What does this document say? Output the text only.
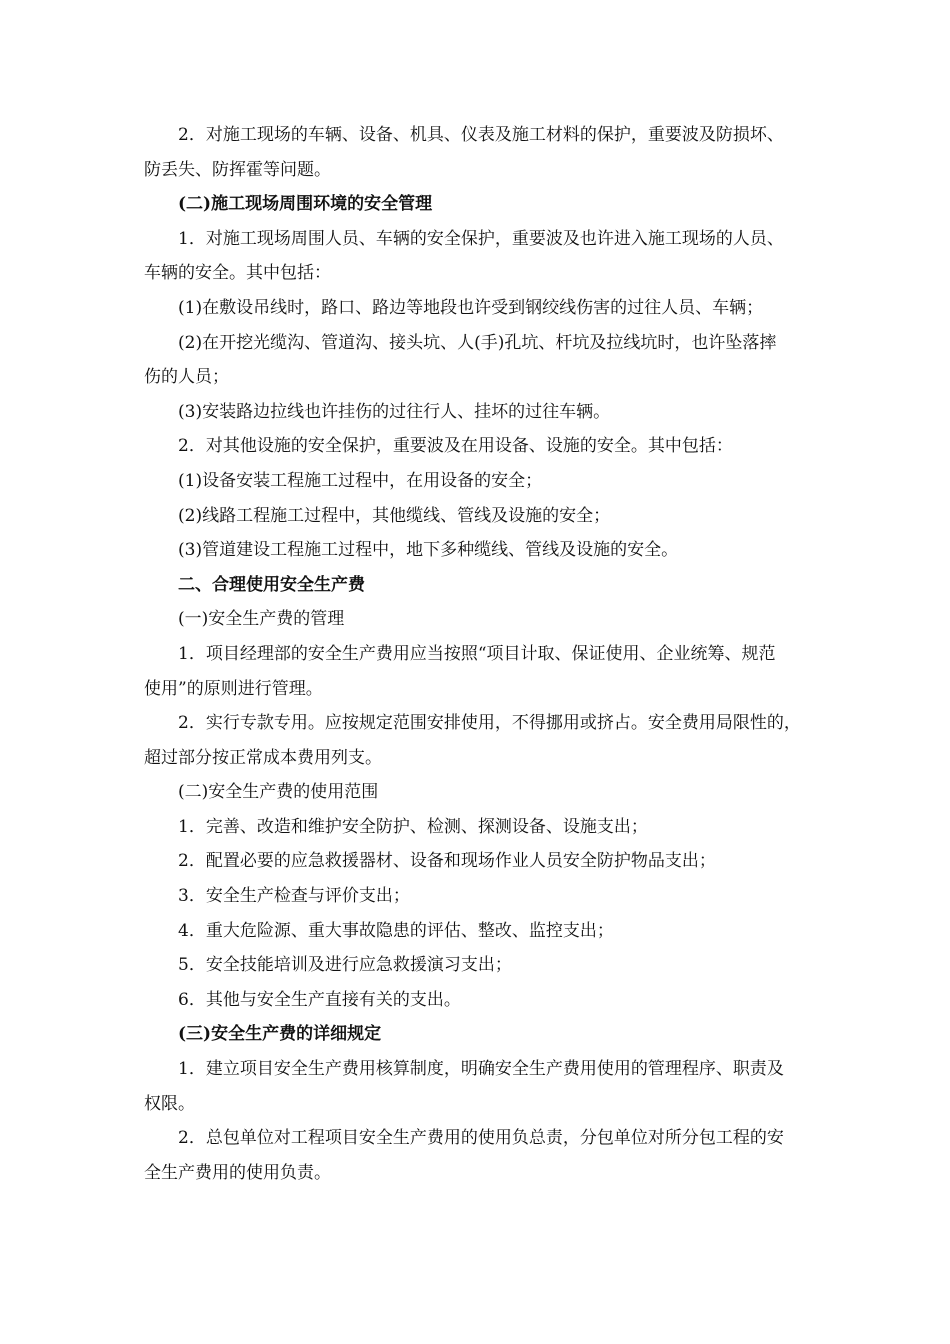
2．对施工现场的车辆、设备、机具、仪表及施工材料的保护，重要波及防损坏、
防丢失、防挥霍等问题。
(二)施工现场周围环境的安全管理
1．对施工现场周围人员、车辆的安全保护，重要波及也许进入施工现场的人员、
车辆的安全。其中包括：
(1)在敷设吊线时，路口、路边等地段也许受到钢绞线伤害的过往人员、车辆；
(2)在开挖光缆沟、管道沟、接头坑、人(手)孔坑、杆坑及拉线坑时，也许坠落摔
伤的人员；
(3)安装路边拉线也许挂伤的过往行人、挂坏的过往车辆。
2．对其他设施的安全保护，重要波及在用设备、设施的安全。其中包括：
(1)设备安装工程施工过程中，在用设备的安全；
(2)线路工程施工过程中，其他缆线、管线及设施的安全；
(3)管道建设工程施工过程中，地下多种缆线、管线及设施的安全。
二、合理使用安全生产费
(一)安全生产费的管理
1．项目经理部的安全生产费用应当按照“项目计取、保证使用、企业统筹、规范
使用”的原则进行管理。
2．实行专款专用。应按规定范围安排使用，不得挪用或挤占。安全费用局限性的，
超过部分按正常成本费用列支。
(二)安全生产费的使用范围
1．完善、改造和维护安全防护、检测、探测设备、设施支出；
2．配置必要的应急救援器材、设备和现场作业人员安全防护物品支出；
3．安全生产检查与评价支出；
4．重大危险源、重大事故隐患的评估、整改、监控支出；
5．安全技能培训及进行应急救援演习支出；
6．其他与安全生产直接有关的支出。
(三)安全生产费的详细规定
1．建立项目安全生产费用核算制度，明确安全生产费用使用的管理程序、职责及
权限。
2．总包单位对工程项目安全生产费用的使用负总责，分包单位对所分包工程的安
全生产费用的使用负责。
